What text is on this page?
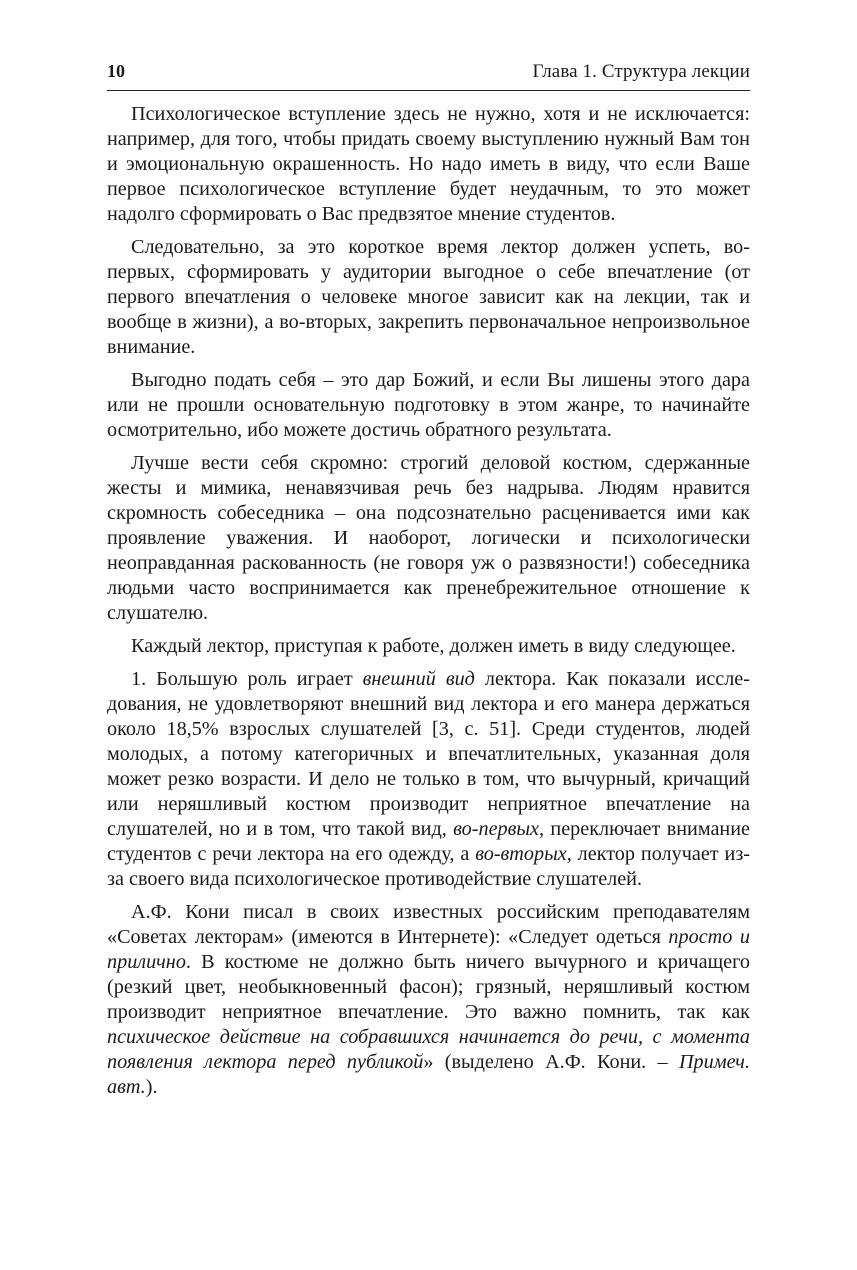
10	Глава 1. Структура лекции

Психологическое вступление здесь не нужно, хотя и не исключается: например, для того, чтобы придать своему выступлению нужный Вам тон и эмоциональную окрашенность. Но надо иметь в виду, что если Ваше первое психологическое вступление будет неудачным, то это может надолго сформировать о Вас предвзятое мнение студентов.

Следовательно, за это короткое время лектор должен успеть, во-первых, сформировать у аудитории выгодное о себе впечатление (от первого впечатления о человеке многое зависит как на лекции, так и вообще в жизни), а во-вторых, закрепить первоначальное непроизвольное внимание.

Выгодно подать себя – это дар Божий, и если Вы лишены этого дара или не прошли основательную подготовку в этом жанре, то начинайте осмотрительно, ибо можете достичь обратного результата.

Лучше вести себя скромно: строгий деловой костюм, сдержанные жесты и мимика, ненавязчивая речь без надрыва. Людям нравится скромность собеседника – она подсознательно расценивается ими как проявление уважения. И наоборот, логически и психологически неоправданная раскованность (не говоря уж о развязности!) собеседника людьми часто воспринимается как пренебрежительное отношение к слушателю.

Каждый лектор, приступая к работе, должен иметь в виду следующее.

1. Большую роль играет внешний вид лектора. Как показали исследования, не удовлетворяют внешний вид лектора и его манера держаться около 18,5% взрослых слушателей [3, с. 51]. Среди студентов, людей молодых, а потому категоричных и впечатлительных, указанная доля может резко возрасти. И дело не только в том, что вычурный, кричащий или неряшливый костюм производит неприятное впечатление на слушателей, но и в том, что такой вид, во-первых, переключает внимание студентов с речи лектора на его одежду, а во-вторых, лектор получает из-за своего вида психологическое противодействие слушателей.

А.Ф. Кони писал в своих известных российским преподавателям «Советах лекторам» (имеются в Интернете): «Следует одеться просто и прилично. В костюме не должно быть ничего вычурного и кричащего (резкий цвет, необыкновенный фасон); грязный, неряшливый костюм производит неприятное впечатление. Это важно помнить, так как психическое действие на собравшихся начинается до речи, с момента появления лектора перед публикой» (выделено А.Ф. Кони. – Примеч. авт.).
